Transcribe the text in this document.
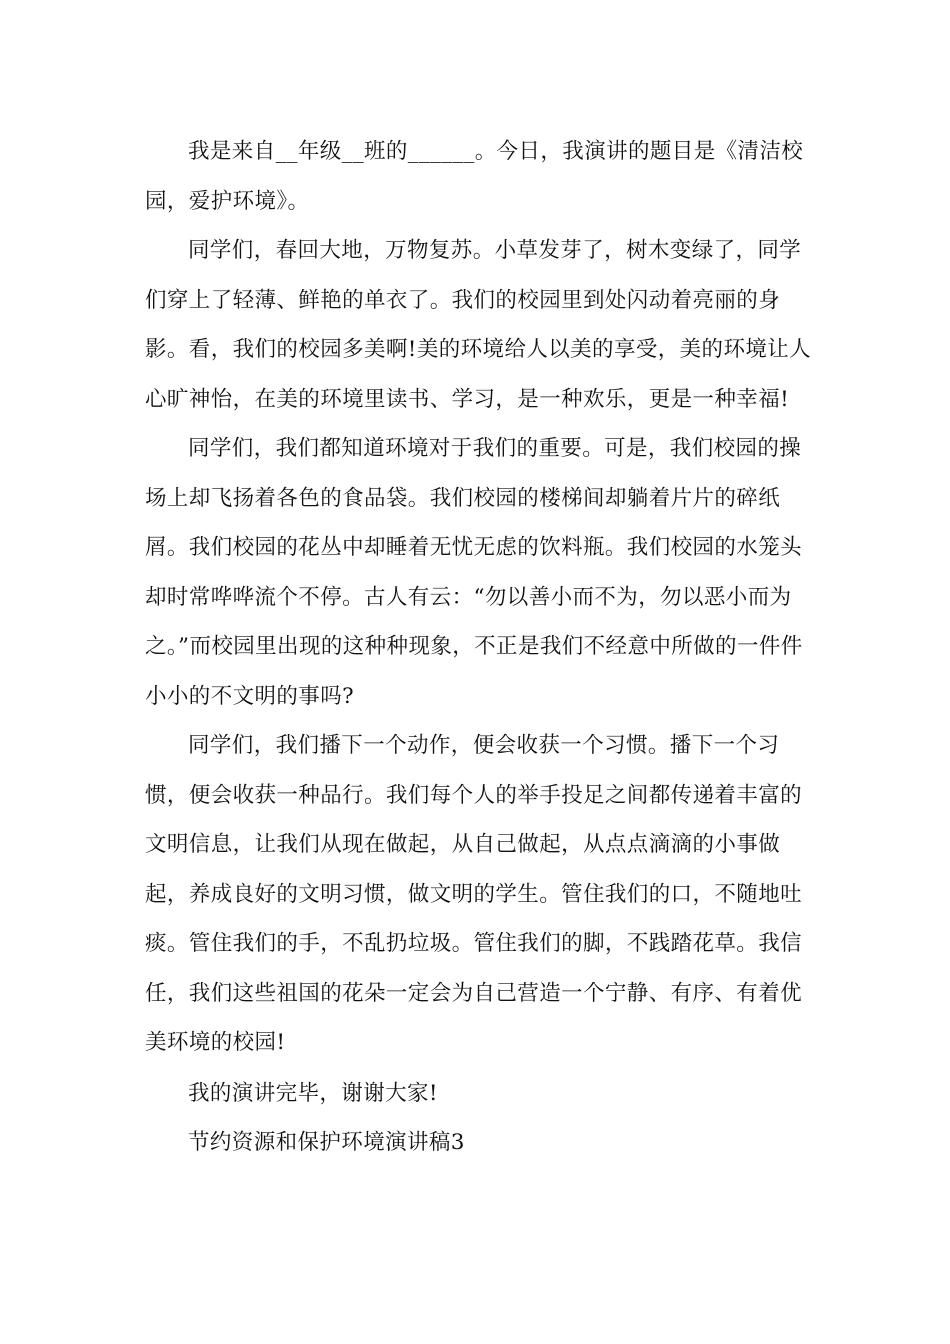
我是来自__年级__班的______。今日，我演讲的题目是《清洁校园，爱护环境》。

同学们，春回大地，万物复苏。小草发芽了，树木变绿了，同学们穿上了轻薄、鲜艳的单衣了。我们的校园里到处闪动着亮丽的身影。看，我们的校园多美啊!美的环境给人以美的享受，美的环境让人心旷神怡，在美的环境里读书、学习，是一种欢乐，更是一种幸福!

同学们，我们都知道环境对于我们的重要。可是，我们校园的操场上却飞扬着各色的食品袋。我们校园的楼梯间却躺着片片的碎纸屑。我们校园的花丛中却睡着无忧无虑的饮料瓶。我们校园的水笼头却时常哗哗流个不停。古人有云：“勿以善小而不为，勿以恶小而为之。”而校园里出现的这种种现象，不正是我们不经意中所做的一件件小小的不文明的事吗?

同学们，我们播下一个动作，便会收获一个习惯。播下一个习惯，便会收获一种品行。我们每个人的举手投足之间都传递着丰富的文明信息，让我们从现在做起，从自己做起，从点点滴滴的小事做起，养成良好的文明习惯，做文明的学生。管住我们的口，不随地吐痰。管住我们的手，不乱扔垃圾。管住我们的脚，不践踏花草。我信任，我们这些祖国的花朵一定会为自己营造一个宁静、有序、有着优美环境的校园!

我的演讲完毕，谢谢大家!

节约资源和保护环境演讲稿3
